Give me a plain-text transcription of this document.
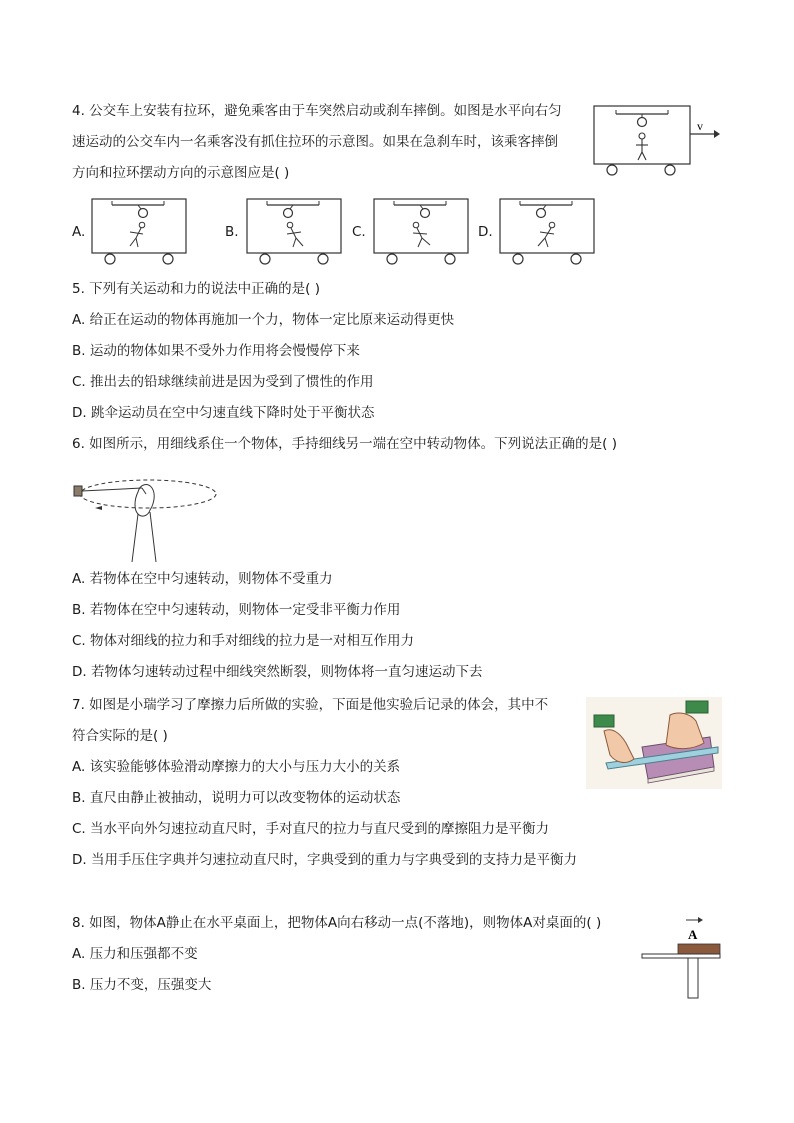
4. 公交车上安装有拉环，避免乘客由于车突然启动或刹车摔倒。如图是水平向右匀
速运动的公交车内一名乘客没有抓住拉环的示意图。如果在急刹车时，该乘客摔倒
方向和拉环摆动方向的示意图应是( )
v
A.	B.	C.	D.
5. 下列有关运动和力的说法中正确的是( )
A. 给正在运动的物体再施加一个力，物体一定比原来运动得更快
B. 运动的物体如果不受外力作用将会慢慢停下来
C. 推出去的铅球继续前进是因为受到了惯性的作用
D. 跳伞运动员在空中匀速直线下降时处于平衡状态
6. 如图所示，用细线系住一个物体，手持细线另一端在空中转动物体。下列说法正确的是( )
A. 若物体在空中匀速转动，则物体不受重力
B. 若物体在空中匀速转动，则物体一定受非平衡力作用
C. 物体对细线的拉力和手对细线的拉力是一对相互作用力
D. 若物体匀速转动过程中细线突然断裂，则物体将一直匀速运动下去
7. 如图是小瑞学习了摩擦力后所做的实验，下面是他实验后记录的体会，其中不
符合实际的是( )
A. 该实验能够体验滑动摩擦力的大小与压力大小的关系
B. 直尺由静止被抽动，说明力可以改变物体的运动状态
C. 当水平向外匀速拉动直尺时，手对直尺的拉力与直尺受到的摩擦阻力是平衡力
D. 当用手压住字典并匀速拉动直尺时，字典受到的重力与字典受到的支持力是平衡力
8. 如图，物体A静止在水平桌面上，把物体A向右移动一点(不落地)，则物体A对桌面的( )
A
A. 压力和压强都不变
B. 压力不变，压强变大
